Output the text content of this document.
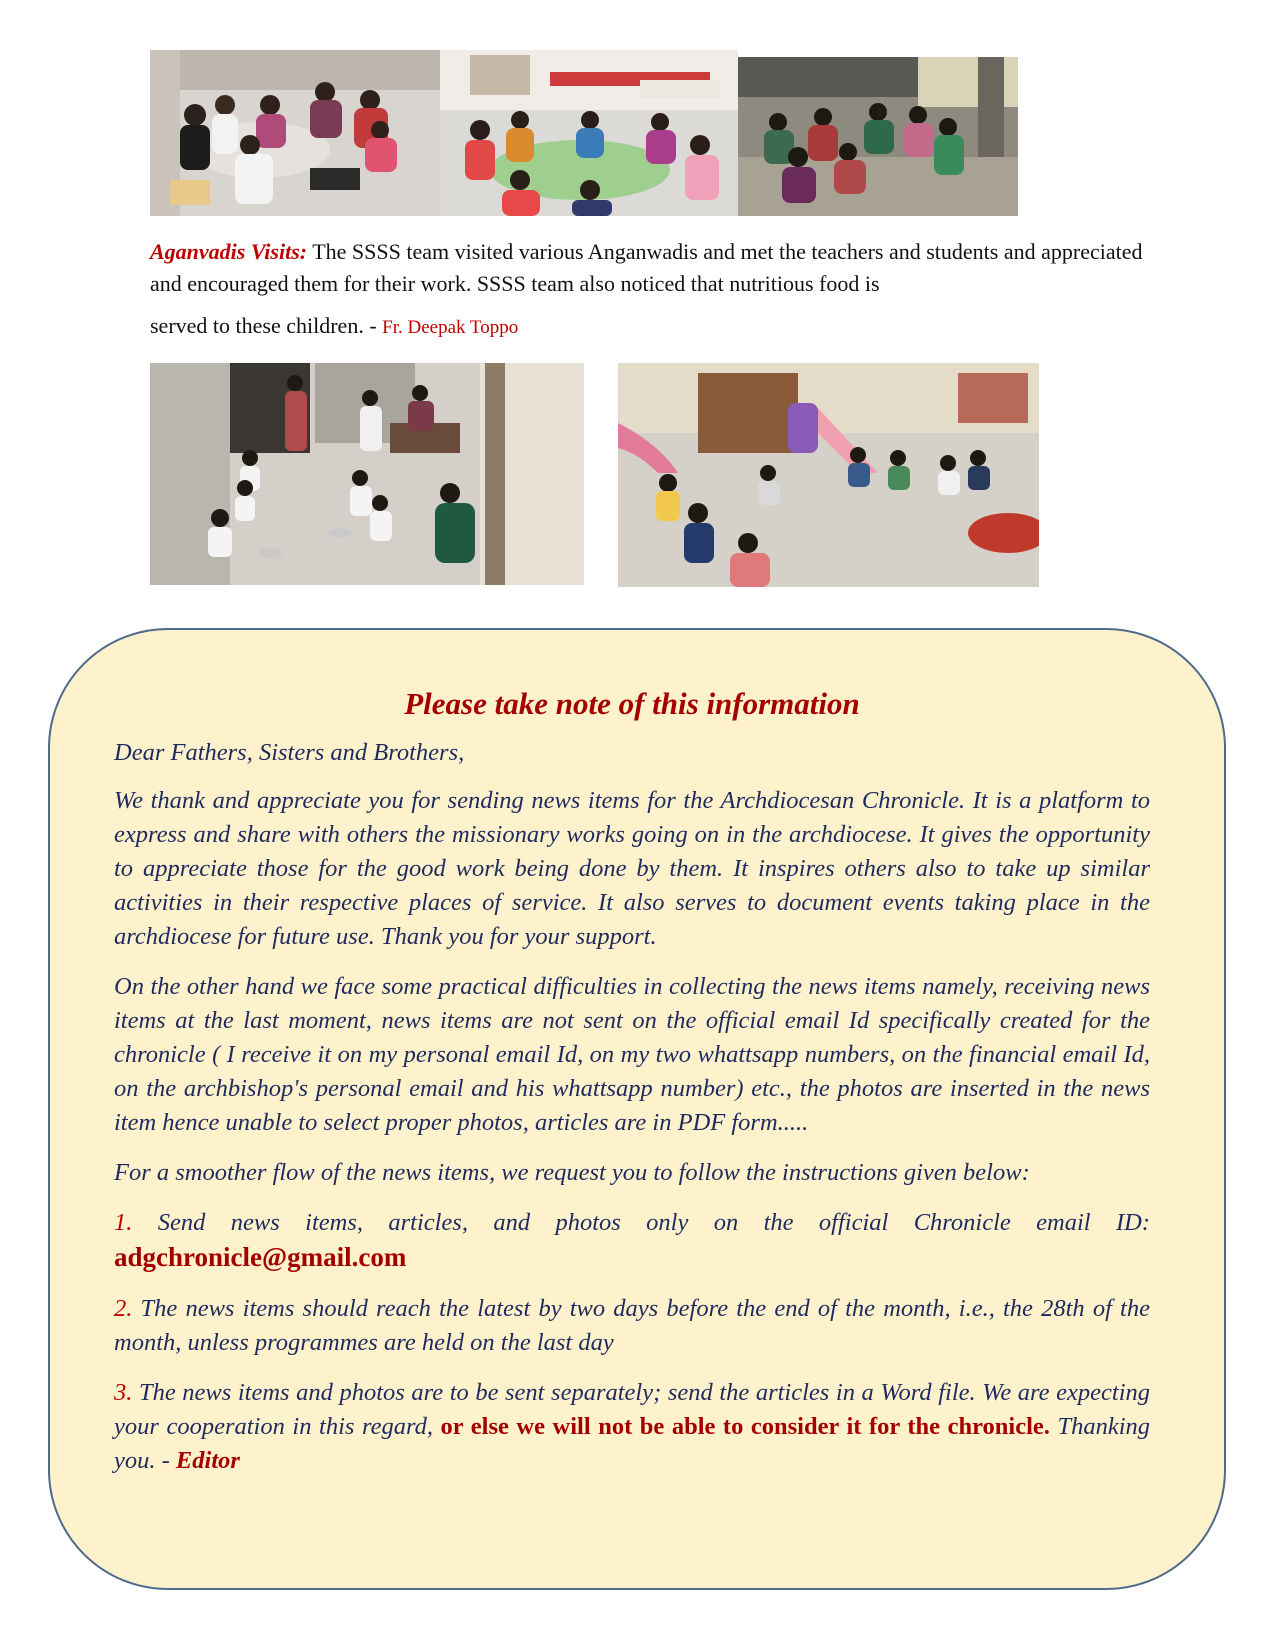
Aganvadis Visits: The SSSS team visited various Anganwadis and met the teachers and students and appreciated and encouraged them for their work. SSSS team also noticed that nutritious food is
served to these children. - Fr. Deepak Toppo
Please take note of this information

Dear Fathers, Sisters and Brothers,

We thank and appreciate you for sending news items for the Archdiocesan Chronicle. It is a platform to express and share with others the missionary works going on in the archdiocese. It gives the opportunity to appreciate those for the good work being done by them. It inspires others also to take up similar activities in their respective places of service. It also serves to document events taking place in the archdiocese for future use. Thank you for your support.

On the other hand we face some practical difficulties in collecting the news items namely, receiving news items at the last moment, news items are not sent on the official email Id specifically created for the chronicle ( I receive it on my personal email Id, on my two whattsapp numbers, on the financial email Id, on the archbishop's personal email and his whattsapp number) etc., the photos are inserted in the news item hence unable to select proper photos, articles are in PDF form.....

For a smoother flow of the news items, we request you to follow the instructions given below:

1. Send news items, articles, and photos only on the official Chronicle email ID: adgchronicle@gmail.com

2. The news items should reach the latest by two days before the end of the month, i.e., the 28th of the month, unless programmes are held on the last day

3. The news items and photos are to be sent separately; send the articles in a Word file. We are expecting your cooperation in this regard, or else we will not be able to consider it for the chronicle. Thanking you. - Editor
